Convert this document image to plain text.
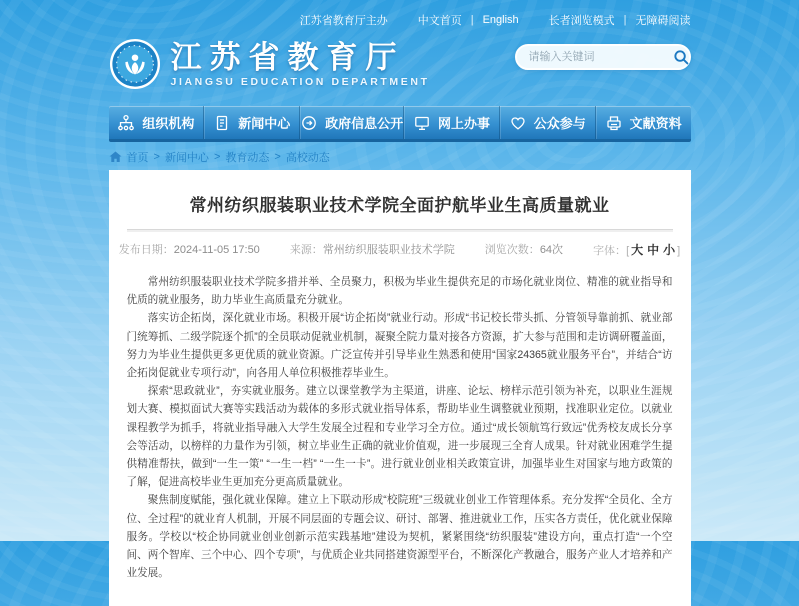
江苏省教育厅主办	中文首页 | English	长者浏览模式 | 无障碍阅读
江苏省教育厅
JIANGSU EDUCATION DEPARTMENT
请输入关键词
组织机构	新闻中心	政府信息公开	网上办事	公众参与	文献资料
首页 > 新闻中心 > 教育动态 > 高校动态
常州纺织服装职业技术学院全面护航毕业生高质量就业
发布日期：2024-11-05 17:50	来源：常州纺织服装职业技术学院	浏览次数：64次	字体：[ 大 中 小 ]

常州纺织服装职业技术学院多措并举、全员聚力，积极为毕业生提供充足的市场化就业岗位、精准的就业指导和优质的就业服务，助力毕业生高质量充分就业。

落实访企拓岗，深化就业市场。积极开展“访企拓岗”就业行动。形成“书记校长带头抓、分管领导靠前抓、就业部门统筹抓、二级学院逐个抓”的全员联动促就业机制，凝聚全院力量对接各方资源，扩大参与范围和走访调研覆盖面，努力为毕业生提供更多更优质的就业资源。广泛宣传并引导毕业生熟悉和使用“国家24365就业服务平台”，并结合“访企拓岗促就业专项行动”，向各用人单位积极推荐毕业生。

探索“思政就业”，夯实就业服务。建立以课堂教学为主渠道，讲座、论坛、榜样示范引领为补充，以职业生涯规划大赛、模拟面试大赛等实践活动为载体的多形式就业指导体系，帮助毕业生调整就业预期，找准职业定位。以就业课程教学为抓手，将就业指导融入大学生发展全过程和专业学习全方位。通过“成长领航笃行致远”优秀校友成长分享会等活动，以榜样的力量作为引领，树立毕业生正确的就业价值观，进一步展现三全育人成果。针对就业困难学生提供精准帮扶，做到“一生一策” “一生一档” “一生一卡”。进行就业创业相关政策宣讲，加强毕业生对国家与地方政策的了解，促进高校毕业生更加充分更高质量就业。

聚焦制度赋能，强化就业保障。建立上下联动形成“校院班”三级就业创业工作管理体系。充分发挥“全员化、全方位、全过程”的就业育人机制，开展不同层面的专题会议、研讨、部署、推进就业工作，压实各方责任，优化就业保障服务。学校以“校企协同就业创业创新示范实践基地”建设为契机，紧紧围绕“纺织服装”建设方向，重点打造“一个空间、两个智库、三个中心、四个专项”，与优质企业共同搭建资源型平台，不断深化产教融合，服务产业人才培养和产业发展。
